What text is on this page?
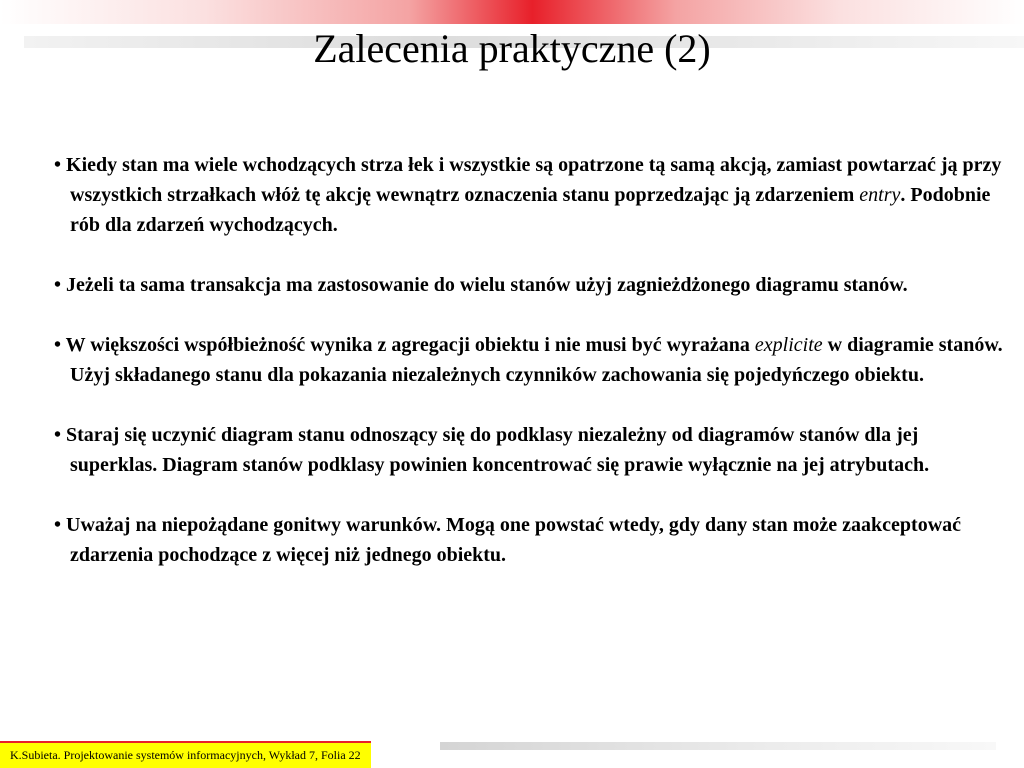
Zalecenia praktyczne (2)

• Kiedy stan ma wiele wchodzących strza łek i wszystkie są opatrzone tą samą akcją, zamiast powtarzać ją przy wszystkich strzałkach włóż tę akcję wewnątrz oznaczenia stanu poprzedzając ją zdarzeniem entry. Podobnie rób dla zdarzeń wychodzących.

• Jeżeli ta sama transakcja ma zastosowanie do wielu stanów użyj zagnieżdżonego diagramu stanów.

• W większości współbieżność wynika z agregacji obiektu i nie musi być wyrażana explicite w diagramie stanów. Użyj składanego stanu dla pokazania niezależnych czynników zachowania się pojedyńczego obiektu.

• Staraj się uczynić diagram stanu odnoszący się do podklasy niezależny od diagramów stanów dla jej superklas. Diagram stanów podklasy powinien koncentrować się prawie wyłącznie na jej atrybutach.

• Uważaj na niepożądane gonitwy warunków. Mogą one powstać wtedy, gdy dany stan może zaakceptować zdarzenia pochodzące z więcej niż jednego obiektu.

K.Subieta. Projektowanie systemów informacyjnych, Wykład 7, Folia 22
